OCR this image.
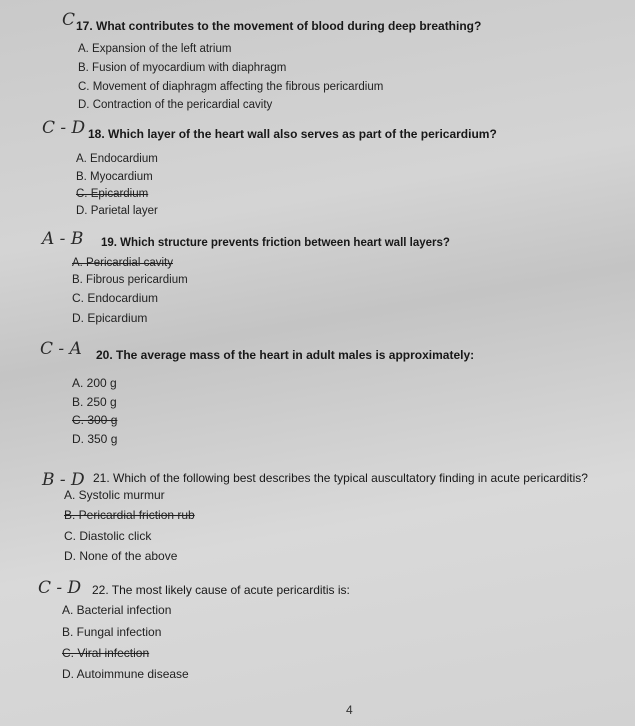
C 17. What contributes to the movement of blood during deep breathing?
A. Expansion of the left atrium
B. Fusion of myocardium with diaphragm
C. Movement of diaphragm affecting the fibrous pericardium
D. Contraction of the pericardial cavity
C - D 18. Which layer of the heart wall also serves as part of the pericardium?
A. Endocardium
B. Myocardium
C. Epicardium
D. Parietal layer
A - B 19. Which structure prevents friction between heart wall layers?
A. Pericardial cavity
B. Fibrous pericardium
C. Endocardium
D. Epicardium
C - A 20. The average mass of the heart in adult males is approximately:
A. 200 g
B. 250 g
C. 300 g
D. 350 g
B - D 21. Which of the following best describes the typical auscultatory finding in acute pericarditis?
A. Systolic murmur
B. Pericardial friction rub
C. Diastolic click
D. None of the above
C - D 22. The most likely cause of acute pericarditis is:
A. Bacterial infection
B. Fungal infection
C. Viral infection
D. Autoimmune disease
4
